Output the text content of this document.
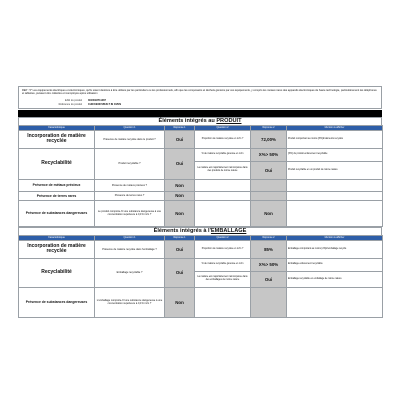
REP : 5° Les équipements électriques et électroniques, qu'ils soient destinés à être utilisés par les particuliers ou les professionnels, afin que les composants et déchets générés par ces équipements, y compris les métaux rares des appareils électroniques de haute technologie, particulièrement les téléphones et tablettes, puissent être collectés et réemployés après utilisation
EAN du produit
Référence du produit
3610093711287
CHICKENCSBUILT IN OVEN
Éléments intégrés au PRODUIT
Caractéristique	Question 1	Réponse 1	Question 2	Réponse 2	Mention à afficher
Incorporation de matière recyclée	Présence de matière recyclée dans le produit ?	Oui	Proportion de matière recyclée en m/m ?	72,00%	Produit comportant au moins [X%]d'éléments recyclés
Recyclabilité	Produit recyclable ?	Oui	% de matière recyclable générée en m/m	X%> 50%	[X%] du produit entièrement recyclable
			La matière est majoritairement réincorporée dans des produits de même nature	Oui	Produit recyclable en un produit de même nature
Présence de métaux précieux	Présence de métaux précieux ?	Non			
Présence de terres rares	Présence de terres rares ?	Non			
Présence de substances dangereuses	Le produit comporte-t'il une substance dangereuse à une concentration supérieure à 0,1% m/m ?	Non		Non	
Éléments intégrés à l'EMBALLAGE
Caractéristique	Question 1	Réponse 1	Question 2	Réponse 2	Mention à afficher
Incorporation de matière recyclée	Présence de matière recyclée dans l'emballage ?	Oui	Proportion de matière recyclée en m/m ?	85%	Emballage comportant au moins [x%]d'emballage recyclé
Recyclabilité	Emballage recyclable ?	Oui	% de matière recyclable générée en m/m	X%> 50%	Emballage entièrement recyclable
			La matière est majoritairement réincorporée dans des emballages de même nature	Oui	Emballage recyclable en emballage de même nature
Présence de substances dangereuses	L'emballage comporte-t'il une substance dangereuse à une concentration supérieure à 0,1% m/m ?	Non			
